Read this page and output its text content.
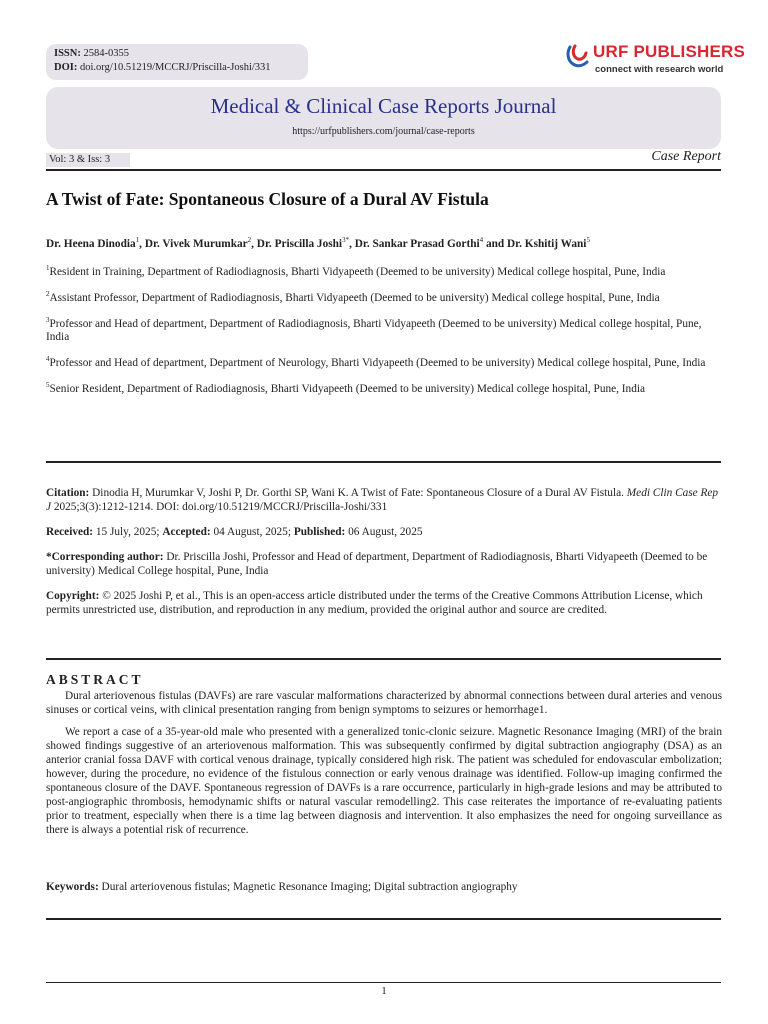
ISSN: 2584-0355
DOI: doi.org/10.51219/MCCRJ/Priscilla-Joshi/331
URF PUBLISHERS
connect with research world
Medical & Clinical Case Reports Journal
https://urfpublishers.com/journal/case-reports
Vol: 3 & Iss: 3	Case Report
A Twist of Fate: Spontaneous Closure of a Dural AV Fistula
Dr. Heena Dinodia$^1$, Dr. Vivek Murumkar$^2$, Dr. Priscilla Joshi$^{3*}$, Dr. Sankar Prasad Gorthi$^4$ and Dr. Kshitij Wani$^5$
$^1$Resident in Training, Department of Radiodiagnosis, Bharti Vidyapeeth (Deemed to be university) Medical college hospital, Pune, India
$^2$Assistant Professor, Department of Radiodiagnosis, Bharti Vidyapeeth (Deemed to be university) Medical college hospital, Pune, India
$^3$Professor and Head of department, Department of Radiodiagnosis, Bharti Vidyapeeth (Deemed to be university) Medical college hospital, Pune, India
$^4$Professor and Head of department, Department of Neurology, Bharti Vidyapeeth (Deemed to be university) Medical college hospital, Pune, India
$^5$Senior Resident, Department of Radiodiagnosis, Bharti Vidyapeeth (Deemed to be university) Medical college hospital, Pune, India
Citation: Dinodia H, Murumkar V, Joshi P, Dr. Gorthi SP, Wani K. A Twist of Fate: Spontaneous Closure of a Dural AV Fistula. Medi Clin Case Rep J 2025;3(3):1212-1214. DOI: doi.org/10.51219/MCCRJ/Priscilla-Joshi/331
Received: 15 July, 2025; Accepted: 04 August, 2025; Published: 06 August, 2025
*Corresponding author: Dr. Priscilla Joshi, Professor and Head of department, Department of Radiodiagnosis, Bharti Vidyapeeth (Deemed to be university) Medical College hospital, Pune, India
Copyright: © 2025 Joshi P, et al., This is an open-access article distributed under the terms of the Creative Commons Attribution License, which permits unrestricted use, distribution, and reproduction in any medium, provided the original author and source are credited.
ABSTRACT

Dural arteriovenous fistulas (DAVFs) are rare vascular malformations characterized by abnormal connections between dural arteries and venous sinuses or cortical veins, with clinical presentation ranging from benign symptoms to seizures or hemorrhage1.

We report a case of a 35-year-old male who presented with a generalized tonic-clonic seizure. Magnetic Resonance Imaging (MRI) of the brain showed findings suggestive of an arteriovenous malformation. This was subsequently confirmed by digital subtraction angiography (DSA) as an anterior cranial fossa DAVF with cortical venous drainage, typically considered high risk. The patient was scheduled for endovascular embolization; however, during the procedure, no evidence of the fistulous connection or early venous drainage was identified. Follow-up imaging confirmed the spontaneous closure of the DAVF. Spontaneous regression of DAVFs is a rare occurrence, particularly in high-grade lesions and may be attributed to post-angiographic thrombosis, hemodynamic shifts or natural vascular remodelling2. This case reiterates the importance of re-evaluating patients prior to treatment, especially when there is a time lag between diagnosis and intervention. It also emphasizes the need for ongoing surveillance as there is always a potential risk of recurrence.

Keywords: Dural arteriovenous fistulas; Magnetic Resonance Imaging; Digital subtraction angiography
1
